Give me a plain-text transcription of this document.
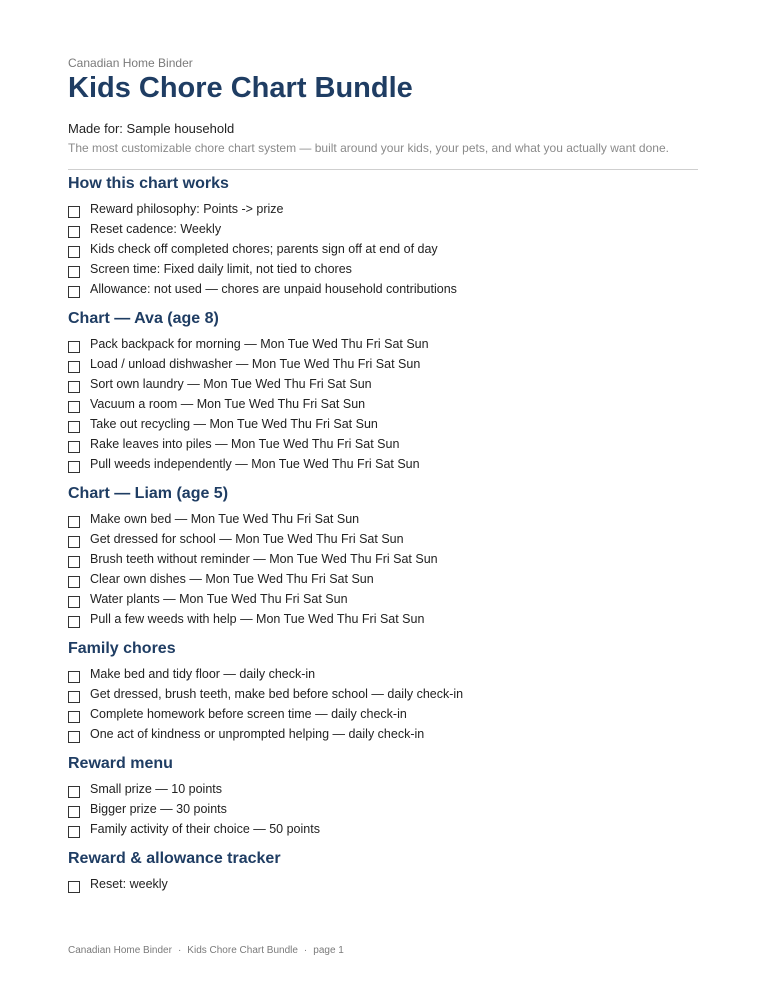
Canadian Home Binder
Kids Chore Chart Bundle
Made for: Sample household
The most customizable chore chart system — built around your kids, your pets, and what you actually want done.
How this chart works
Reward philosophy: Points -> prize
Reset cadence: Weekly
Kids check off completed chores; parents sign off at end of day
Screen time: Fixed daily limit, not tied to chores
Allowance: not used — chores are unpaid household contributions
Chart — Ava (age 8)
Pack backpack for morning — Mon Tue Wed Thu Fri Sat Sun
Load / unload dishwasher — Mon Tue Wed Thu Fri Sat Sun
Sort own laundry — Mon Tue Wed Thu Fri Sat Sun
Vacuum a room — Mon Tue Wed Thu Fri Sat Sun
Take out recycling — Mon Tue Wed Thu Fri Sat Sun
Rake leaves into piles — Mon Tue Wed Thu Fri Sat Sun
Pull weeds independently — Mon Tue Wed Thu Fri Sat Sun
Chart — Liam (age 5)
Make own bed — Mon Tue Wed Thu Fri Sat Sun
Get dressed for school — Mon Tue Wed Thu Fri Sat Sun
Brush teeth without reminder — Mon Tue Wed Thu Fri Sat Sun
Clear own dishes — Mon Tue Wed Thu Fri Sat Sun
Water plants — Mon Tue Wed Thu Fri Sat Sun
Pull a few weeds with help — Mon Tue Wed Thu Fri Sat Sun
Family chores
Make bed and tidy floor — daily check-in
Get dressed, brush teeth, make bed before school — daily check-in
Complete homework before screen time — daily check-in
One act of kindness or unprompted helping — daily check-in
Reward menu
Small prize — 10 points
Bigger prize — 30 points
Family activity of their choice — 50 points
Reward & allowance tracker
Reset: weekly
Canadian Home Binder · Kids Chore Chart Bundle · page 1
